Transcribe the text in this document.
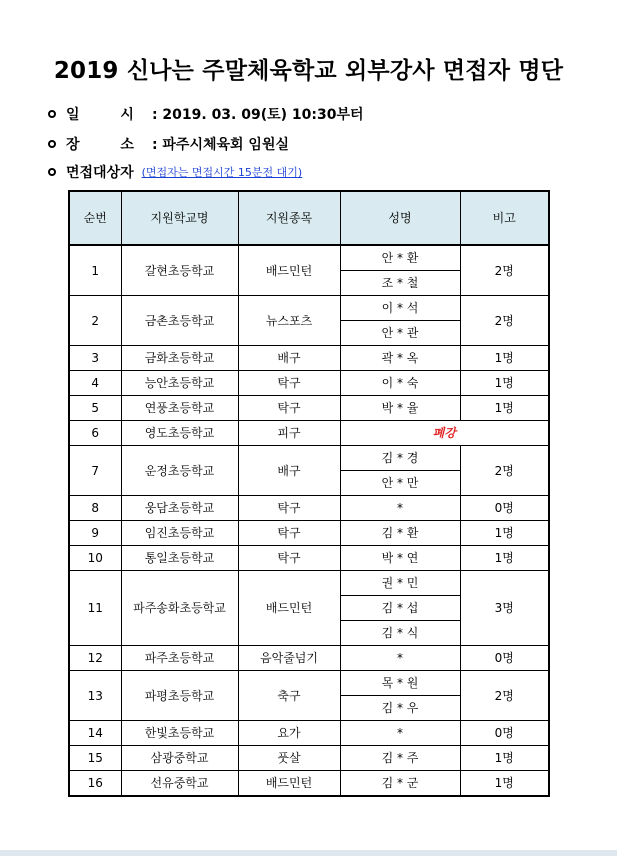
2019 신나는 주말체육학교 외부강사 면접자 명단
일 시 : 2019. 03. 09(토) 10:30부터
장 소 : 파주시체육회 임원실
면접대상자 (면접자는 면접시간 15분전 대기)
순번	지원학교명	지원종목	성명	비고
1	갈현초등학교	배드민턴	안 * 환	2명
			조 * 철	
2	금촌초등학교	뉴스포츠	이 * 석	2명
			안 * 관	
3	금화초등학교	배구	곽 * 옥	1명
4	능안초등학교	탁구	이 * 숙	1명
5	연풍초등학교	탁구	박 * 율	1명
6	영도초등학교	피구	폐강	
7	운정초등학교	배구	김 * 경	2명
			안 * 만	
8	웅담초등학교	탁구	*	0명
9	임진초등학교	탁구	김 * 환	1명
10	통일초등학교	탁구	박 * 연	1명
11	파주송화초등학교	배드민턴	권 * 민	3명
			김 * 섭	
			김 * 식	
12	파주초등학교	음악줄넘기	*	0명
13	파평초등학교	축구	목 * 원	2명
			김 * 우	
14	한빛초등학교	요가	*	0명
15	삼광중학교	풋살	김 * 주	1명
16	선유중학교	배드민턴	김 * 군	1명
